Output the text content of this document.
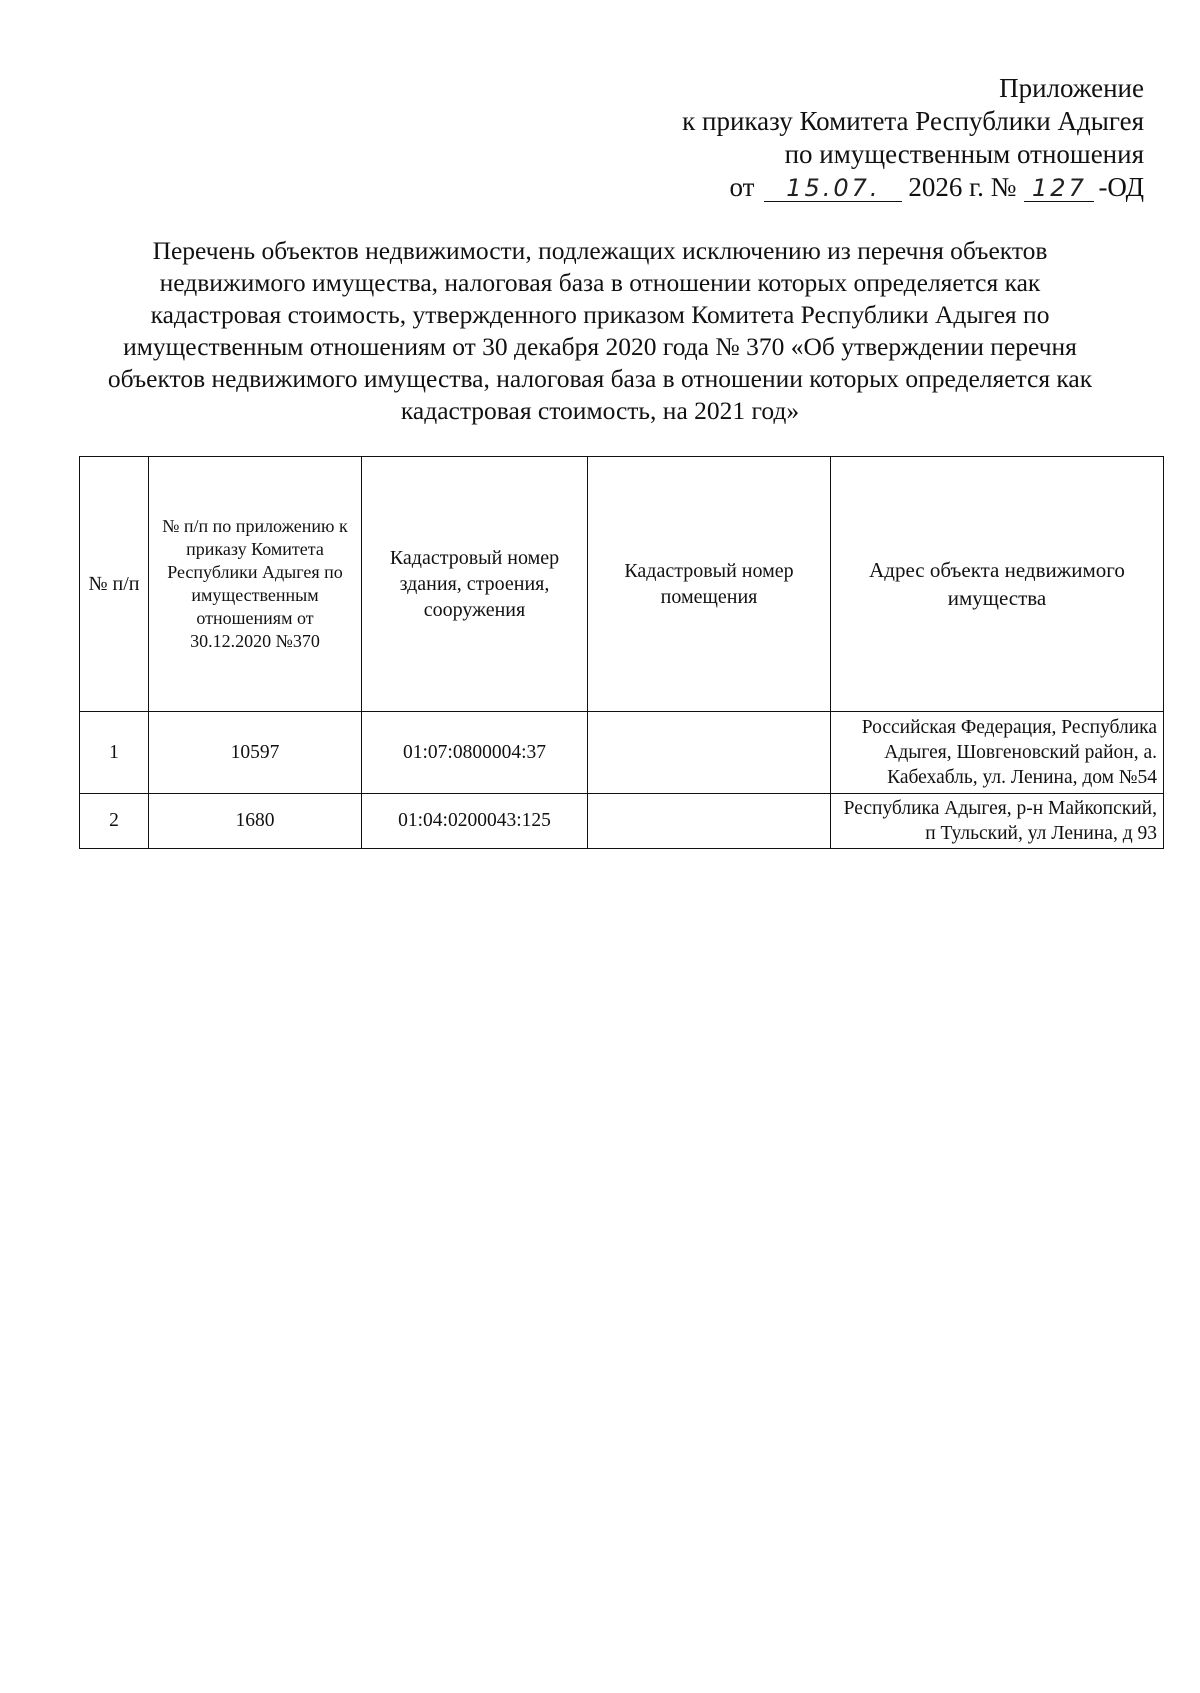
Приложение
к приказу Комитета Республики Адыгея
по имущественным отношения
от	15.07.	2026 г. № 127 -ОД
Перечень объектов недвижимости, подлежащих исключению из перечня объектов
недвижимого имущества, налоговая база в отношении которых определяется как
кадастровая стоимость, утвержденного приказом Комитета Республики Адыгея по
имущественным отношениям от 30 декабря 2020 года № 370 «Об утверждении перечня
объектов недвижимого имущества, налоговая база в отношении которых определяется как
кадастровая стоимость, на 2021 год»
№ п/п	№ п/п по приложению к приказу Комитета Республики Адыгея по имущественным отношениям от 30.12.2020 №370	Кадастровый номер здания, строения, сооружения	Кадастровый номер помещения	Адрес объекта недвижимого имущества
1	10597	01:07:0800004:37		Российская Федерация, Республика Адыгея, Шовгеновский район, а. Кабехабль, ул. Ленина, дом №54
2	1680	01:04:0200043:125		Республика Адыгея, р-н Майкопский, п Тульский, ул Ленина, д 93
